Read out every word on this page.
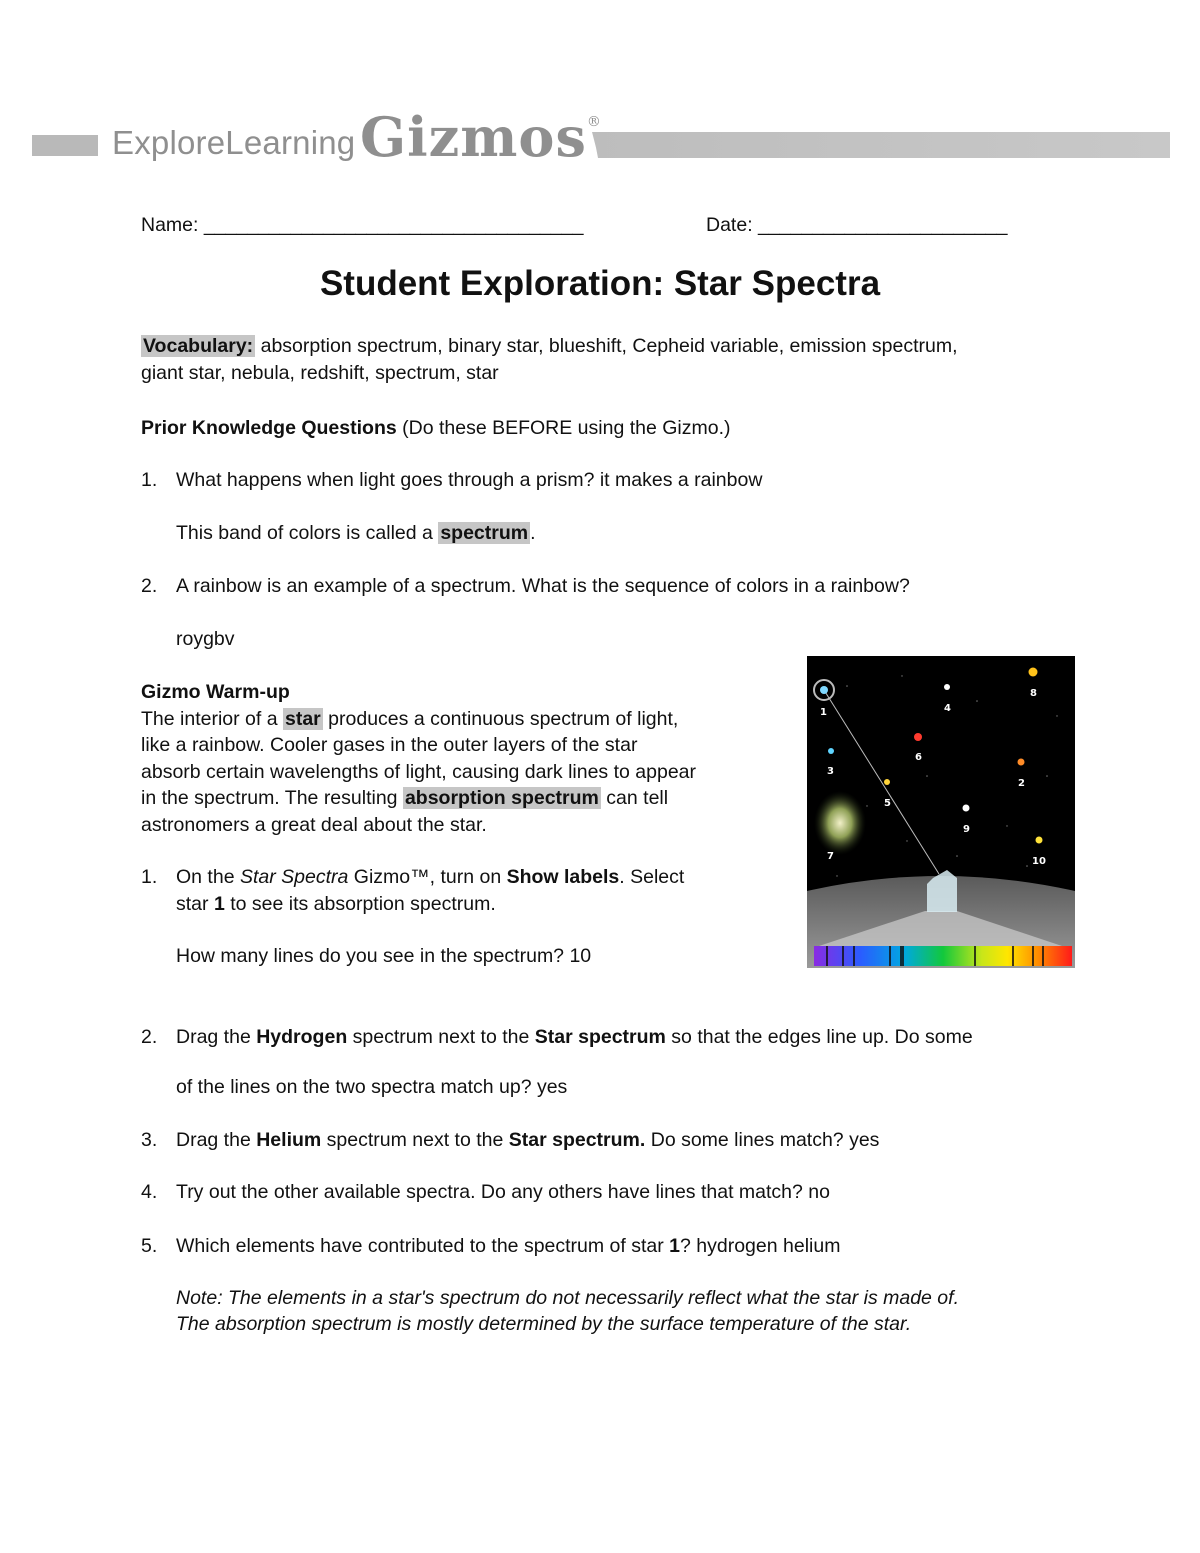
ExploreLearning Gizmos®
Name: ___________________________________	Date: _______________________
Student Exploration: Star Spectra
Vocabulary: absorption spectrum, binary star, blueshift, Cepheid variable, emission spectrum,
giant star, nebula, redshift, spectrum, star
Prior Knowledge Questions (Do these BEFORE using the Gizmo.)
1. What happens when light goes through a prism? it makes a rainbow
This band of colors is called a spectrum .
2. A rainbow is an example of a spectrum. What is the sequence of colors in a rainbow?
roygbv
Gizmo Warm-up
The interior of a star produces a continuous spectrum of light,
like a rainbow. Cooler gases in the outer layers of the star
absorb certain wavelengths of light, causing dark lines to appear
in the spectrum. The resulting absorption spectrum can tell
astronomers a great deal about the star.
1. On the Star Spectra Gizmo™, turn on Show labels. Select
star 1 to see its absorption spectrum.
How many lines do you see in the spectrum? 10
2. Drag the Hydrogen spectrum next to the Star spectrum so that the edges line up. Do some
of the lines on the two spectra match up? yes
3. Drag the Helium spectrum next to the Star spectrum. Do some lines match? yes
4. Try out the other available spectra. Do any others have lines that match? no
5. Which elements have contributed to the spectrum of star 1? hydrogen helium
Note: The elements in a star's spectrum do not necessarily reflect what the star is made of.
The absorption spectrum is mostly determined by the surface temperature of the star.
1
2
3
4
5
6
7
8
9
10
